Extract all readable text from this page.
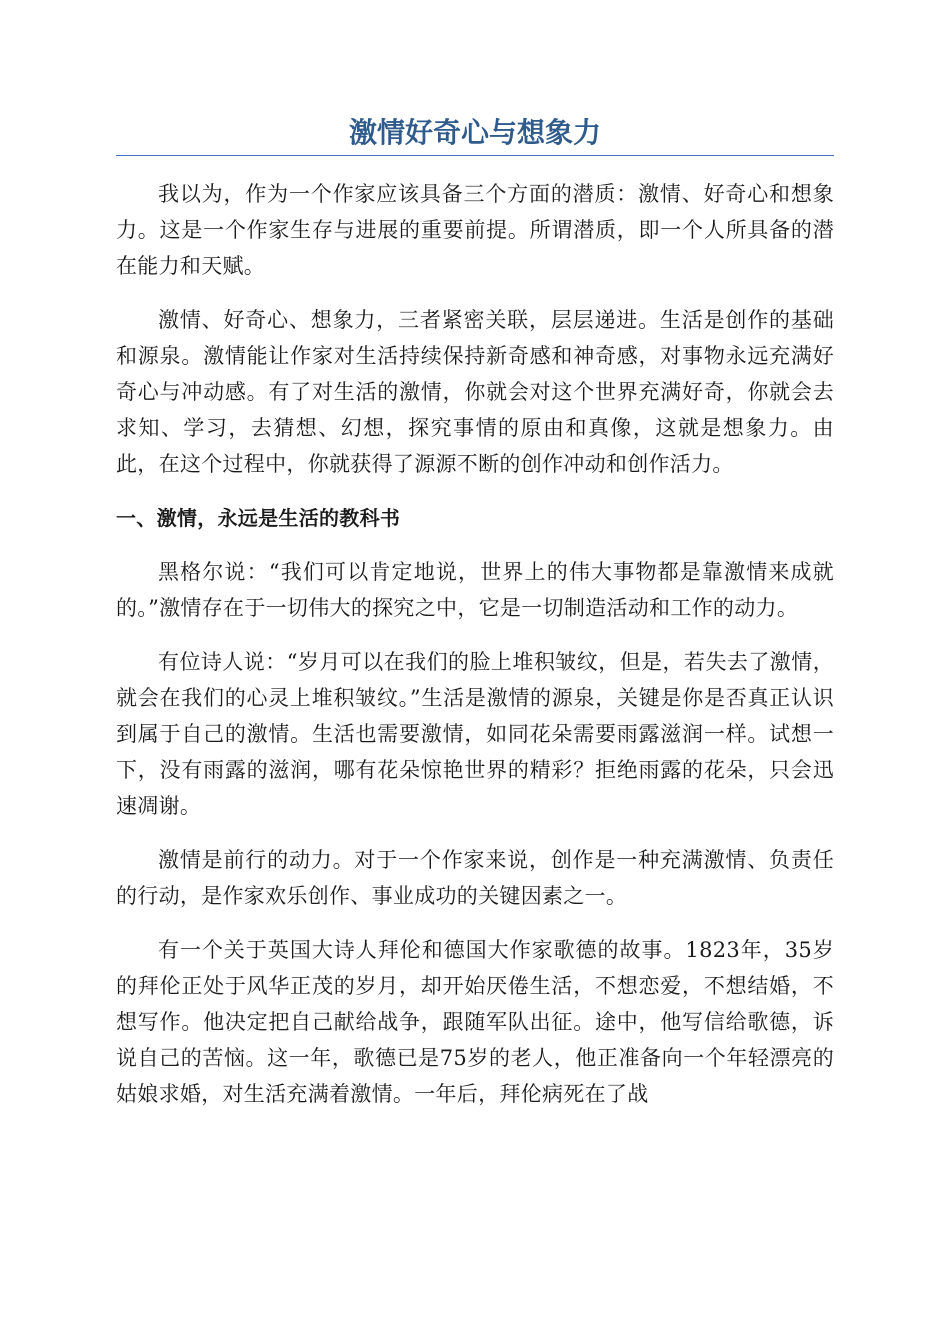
激情好奇心与想象力

我以为，作为一个作家应该具备三个方面的潜质：激情、好奇心和想象力。这是一个作家生存与进展的重要前提。所谓潜质，即一个人所具备的潜在能力和天赋。

激情、好奇心、想象力，三者紧密关联，层层递进。生活是创作的基础和源泉。激情能让作家对生活持续保持新奇感和神奇感，对事物永远充满好奇心与冲动感。有了对生活的激情，你就会对这个世界充满好奇，你就会去求知、学习，去猜想、幻想，探究事情的原由和真像，这就是想象力。由此，在这个过程中，你就获得了源源不断的创作冲动和创作活力。

一、激情，永远是生活的教科书

黑格尔说：“我们可以肯定地说，世界上的伟大事物都是靠激情来成就的。”激情存在于一切伟大的探究之中，它是一切制造活动和工作的动力。

有位诗人说：“岁月可以在我们的脸上堆积皱纹，但是，若失去了激情，就会在我们的心灵上堆积皱纹。”生活是激情的源泉，关键是你是否真正认识到属于自己的激情。生活也需要激情，如同花朵需要雨露滋润一样。试想一下，没有雨露的滋润，哪有花朵惊艳世界的精彩？拒绝雨露的花朵，只会迅速凋谢。

激情是前行的动力。对于一个作家来说，创作是一种充满激情、负责任的行动，是作家欢乐创作、事业成功的关键因素之一。

有一个关于英国大诗人拜伦和德国大作家歌德的故事。1823年，35岁的拜伦正处于风华正茂的岁月，却开始厌倦生活，不想恋爱，不想结婚，不想写作。他决定把自己献给战争，跟随军队出征。途中，他写信给歌德，诉说自己的苦恼。这一年，歌德已是75岁的老人，他正准备向一个年轻漂亮的姑娘求婚，对生活充满着激情。一年后，拜伦病死在了战
